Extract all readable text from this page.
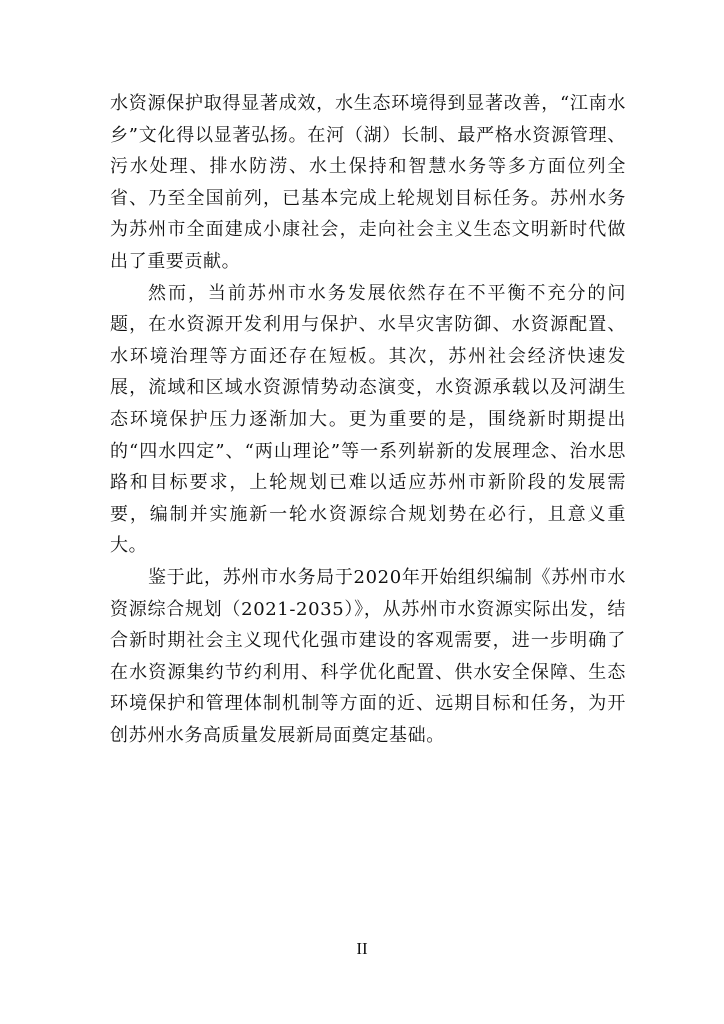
水资源保护取得显著成效，水生态环境得到显著改善，“江南水乡”文化得以显著弘扬。在河（湖）长制、最严格水资源管理、污水处理、排水防涝、水土保持和智慧水务等多方面位列全省、乃至全国前列，已基本完成上轮规划目标任务。苏州水务为苏州市全面建成小康社会，走向社会主义生态文明新时代做出了重要贡献。

然而，当前苏州市水务发展依然存在不平衡不充分的问题，在水资源开发利用与保护、水旱灾害防御、水资源配置、水环境治理等方面还存在短板。其次，苏州社会经济快速发展，流域和区域水资源情势动态演变，水资源承载以及河湖生态环境保护压力逐渐加大。更为重要的是，围绕新时期提出的“四水四定”、“两山理论”等一系列崭新的发展理念、治水思路和目标要求，上轮规划已难以适应苏州市新阶段的发展需要，编制并实施新一轮水资源综合规划势在必行，且意义重大。

鉴于此，苏州市水务局于2020年开始组织编制《苏州市水资源综合规划（2021-2035）》，从苏州市水资源实际出发，结合新时期社会主义现代化强市建设的客观需要，进一步明确了在水资源集约节约利用、科学优化配置、供水安全保障、生态环境保护和管理体制机制等方面的近、远期目标和任务，为开创苏州水务高质量发展新局面奠定基础。

II
